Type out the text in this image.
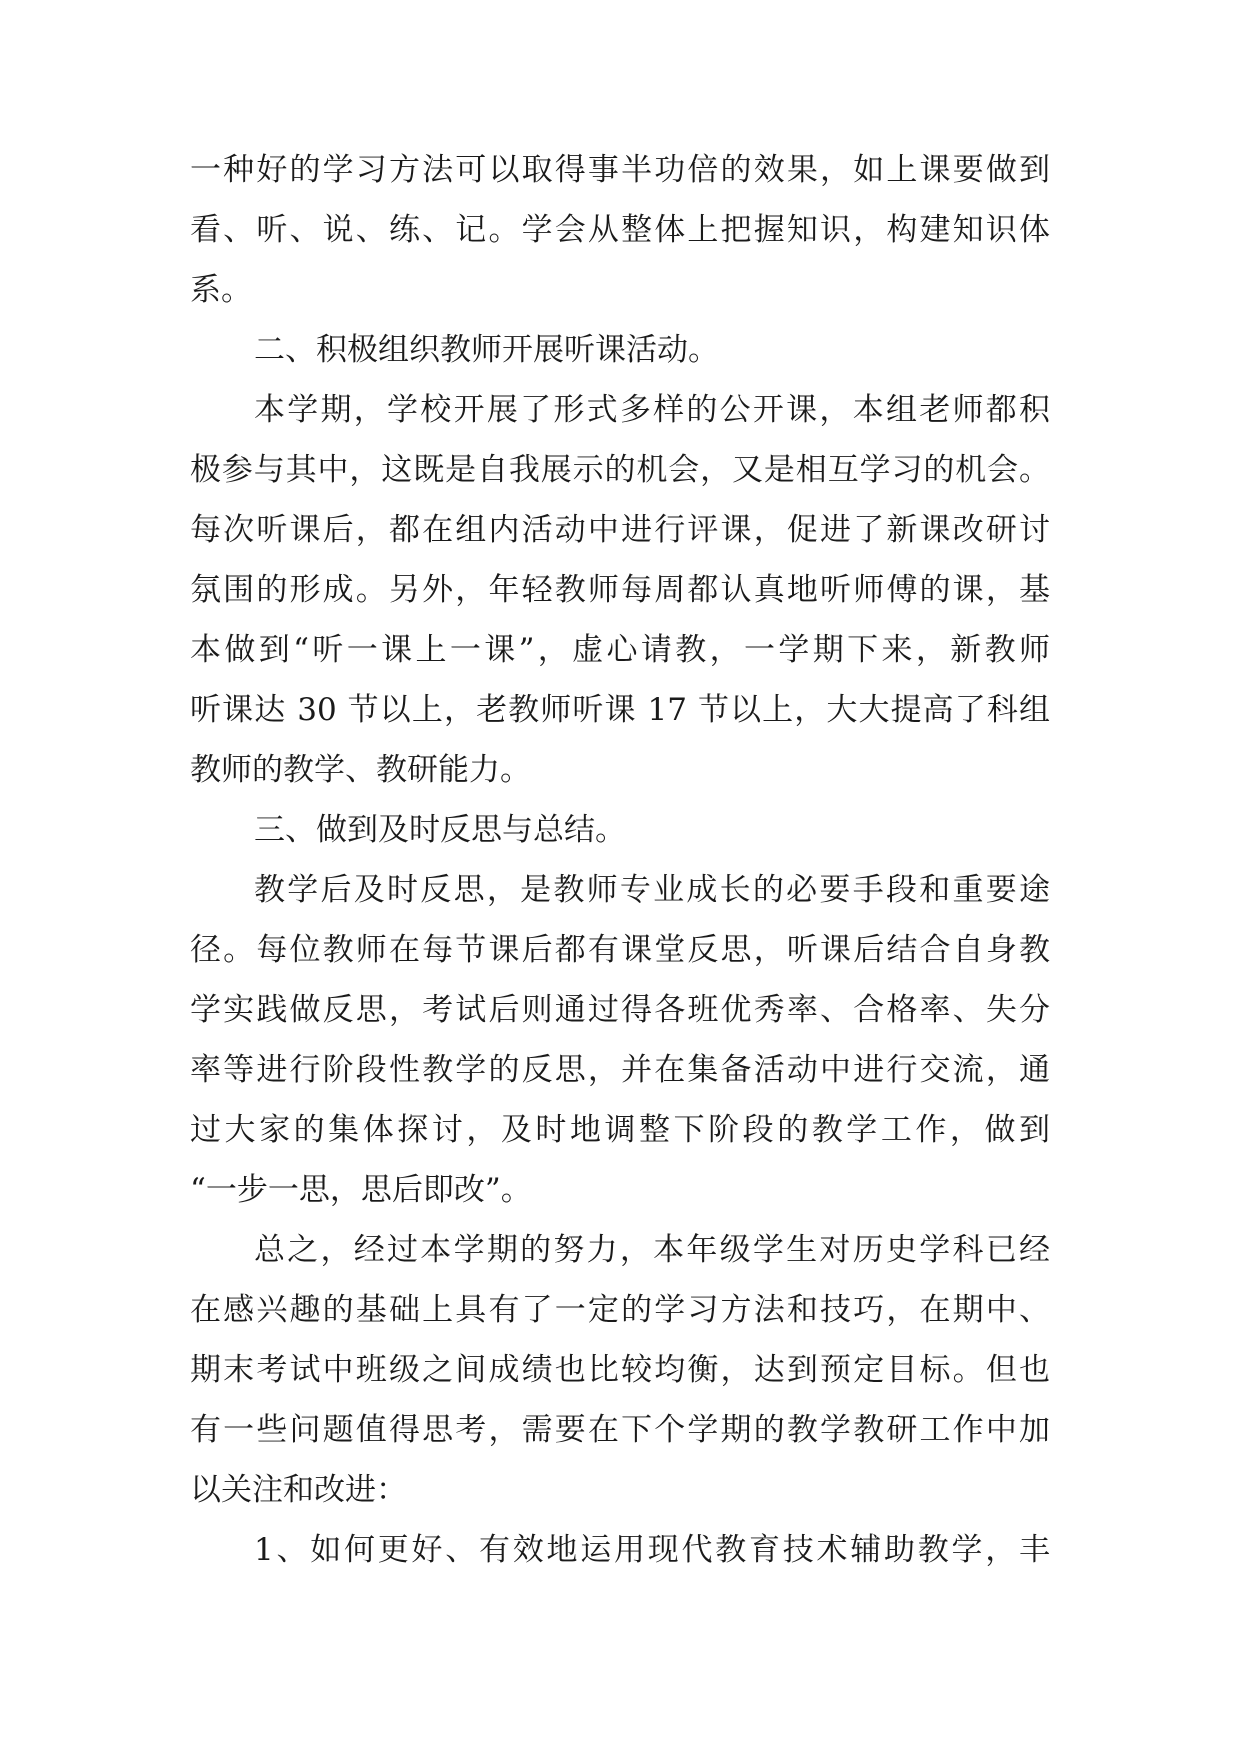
一种好的学习方法可以取得事半功倍的效果，如上课要做到
看、听、说、练、记。学会从整体上把握知识，构建知识体
系。
二、积极组织教师开展听课活动。
本学期，学校开展了形式多样的公开课，本组老师都积
极参与其中，这既是自我展示的机会，又是相互学习的机会。
每次听课后，都在组内活动中进行评课，促进了新课改研讨
氛围的形成。另外，年轻教师每周都认真地听师傅的课，基
本做到“听一课上一课”，虚心请教，一学期下来，新教师
听课达 30 节以上，老教师听课 17 节以上，大大提高了科组
教师的教学、教研能力。
三、做到及时反思与总结。
教学后及时反思，是教师专业成长的必要手段和重要途
径。每位教师在每节课后都有课堂反思，听课后结合自身教
学实践做反思，考试后则通过得各班优秀率、合格率、失分
率等进行阶段性教学的反思，并在集备活动中进行交流，通
过大家的集体探讨，及时地调整下阶段的教学工作，做到
“一步一思，思后即改”。
总之，经过本学期的努力，本年级学生对历史学科已经
在感兴趣的基础上具有了一定的学习方法和技巧，在期中、
期末考试中班级之间成绩也比较均衡，达到预定目标。但也
有一些问题值得思考，需要在下个学期的教学教研工作中加
以关注和改进：
1、如何更好、有效地运用现代教育技术辅助教学，丰
